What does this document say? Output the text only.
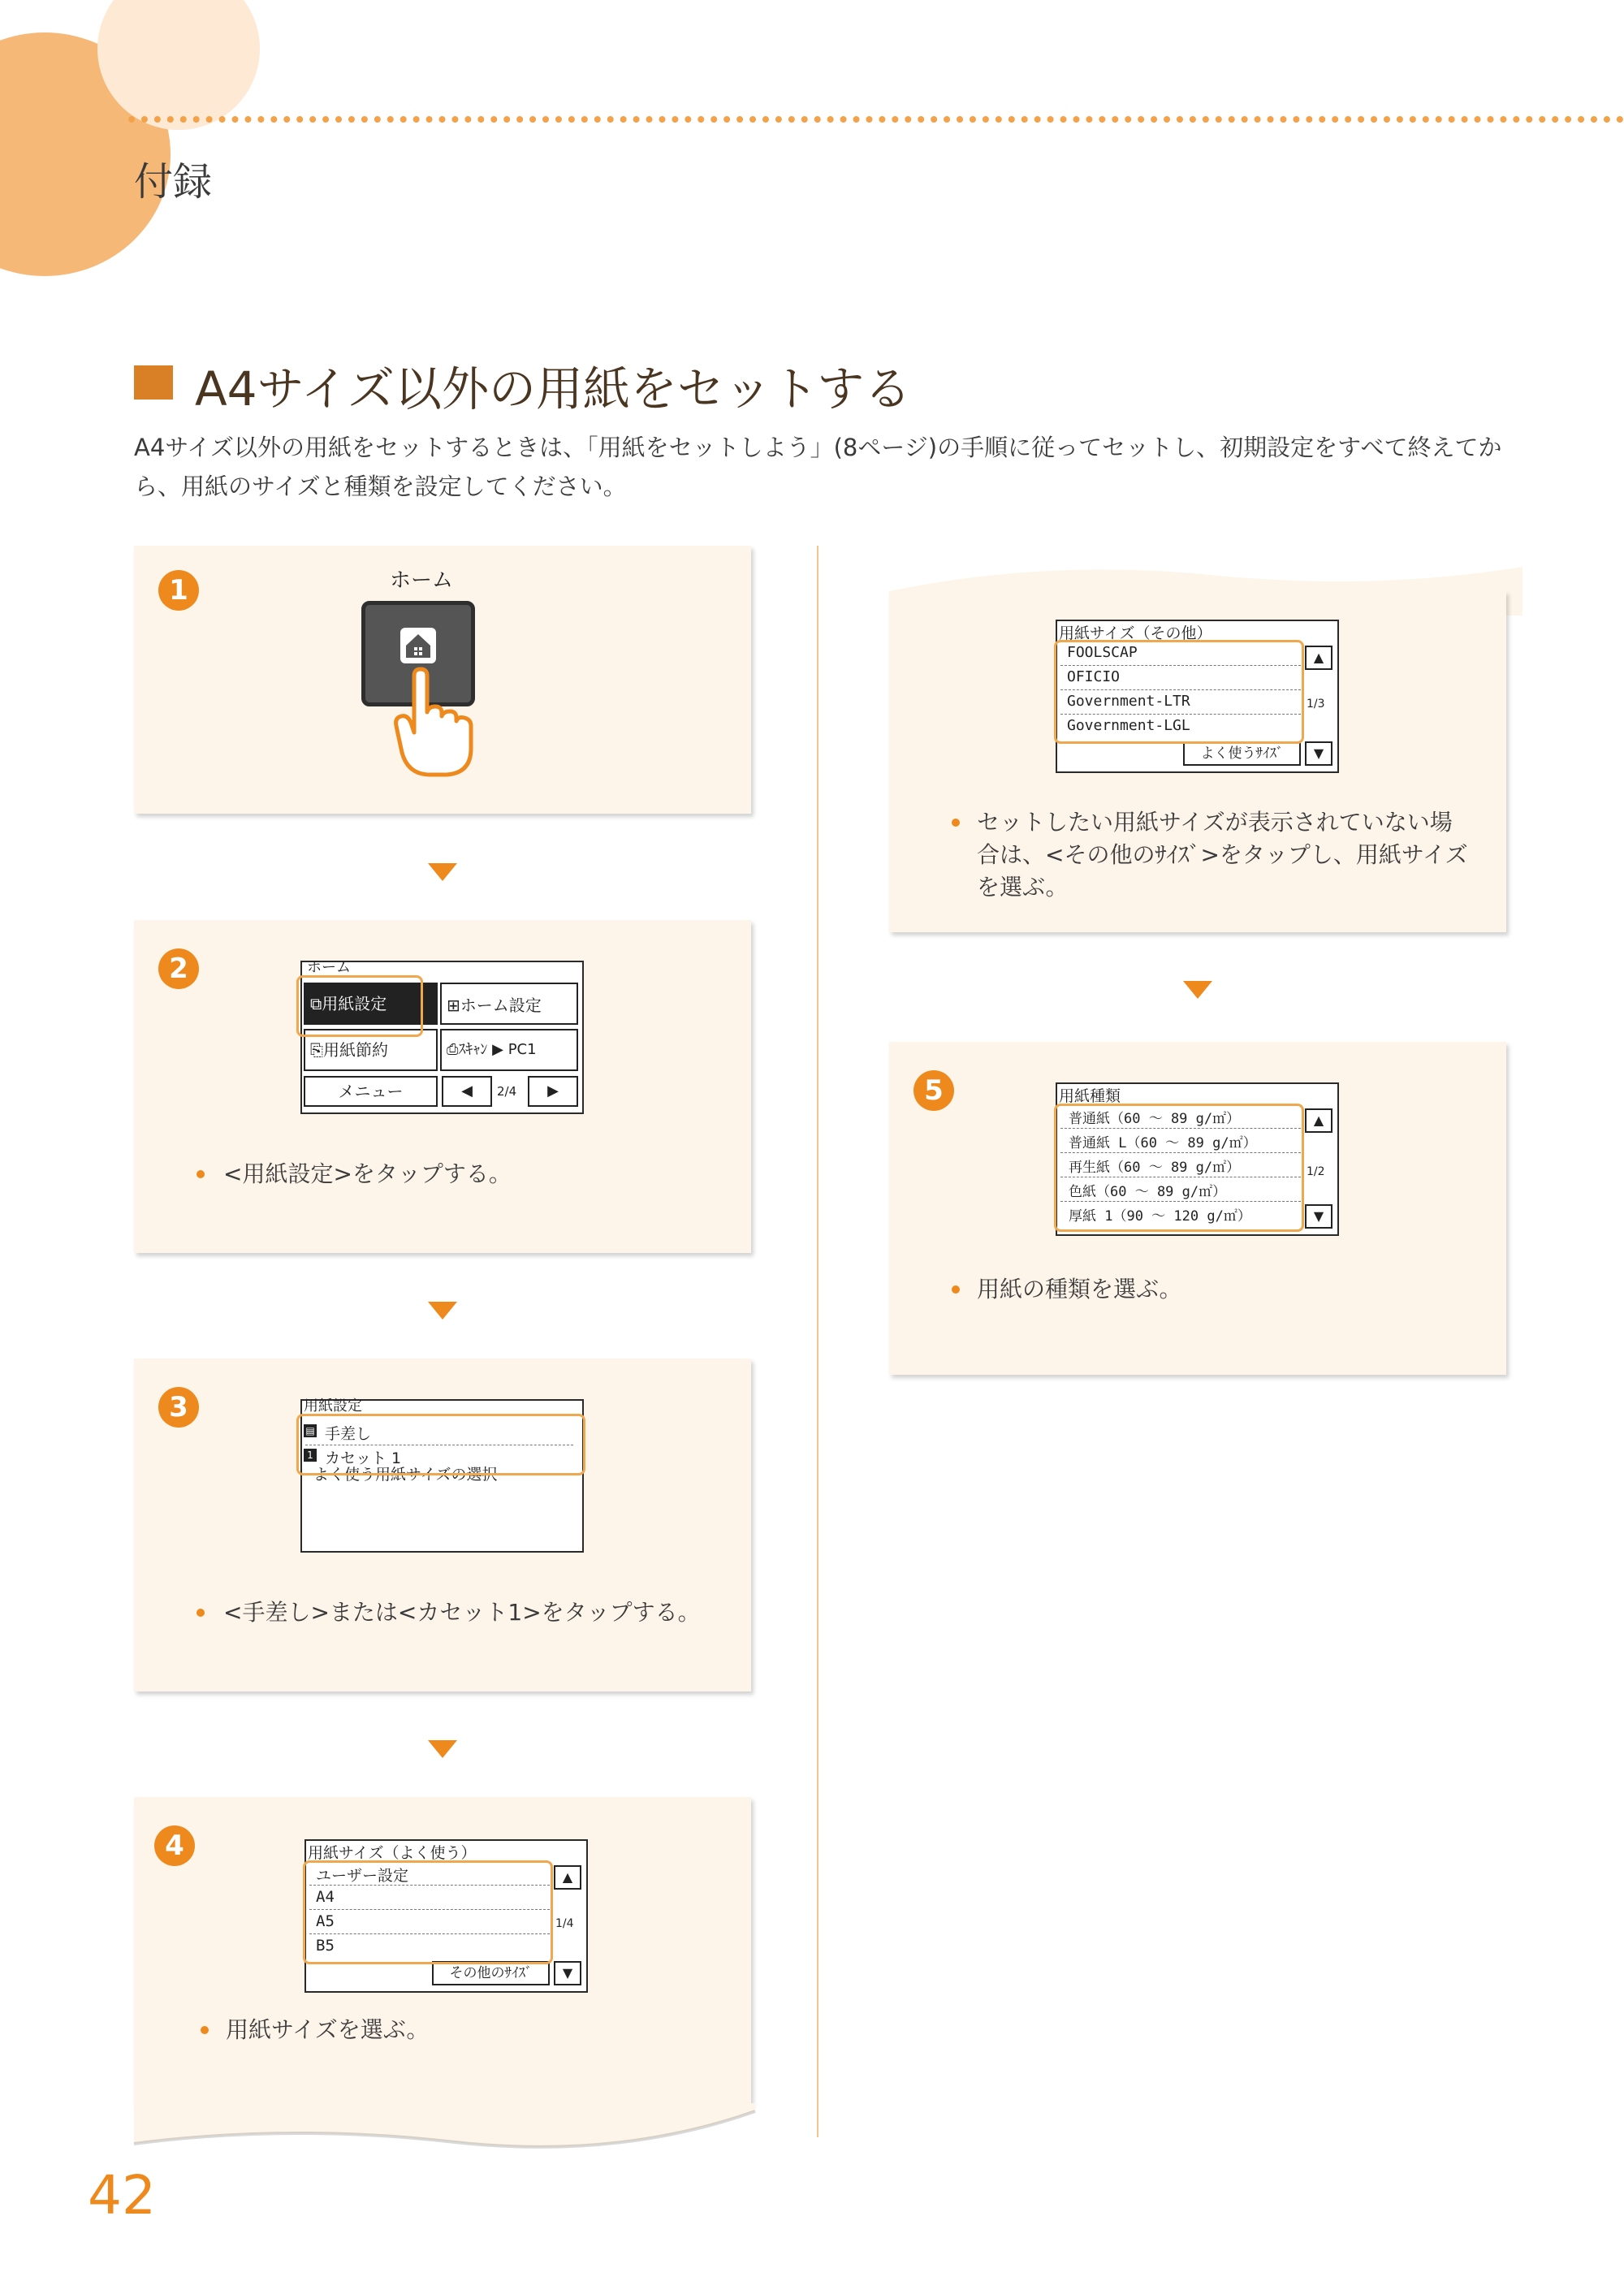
付録
A4サイズ以外の用紙をセットする
A4サイズ以外の用紙をセットするときは、「用紙をセットしよう」(8ページ)の手順に従ってセットし、初期設定をすべて終えてか
ら、用紙のサイズと種類を設定してください。
1	ホーム
2	ホーム
⧉用紙設定	⊞ホーム設定
⎘用紙節約	⎙ｽｷｬﾝ ▶ PC1
メニュー	◀	2/4	▶
<用紙設定>をタップする。
3	用紙設定
▤ 手差し
1 カセット 1
よく使う用紙サイズの選択
<手差し>または<カセット1>をタップする。
4	用紙サイズ（よく使う）
ユーザー設定
A4
A5
B5
▲
1/4
その他のｻｲｽﾞ	▼
用紙サイズを選ぶ。
用紙サイズ（その他）
FOOLSCAP
OFICIO
Government-LTR
Government-LGL
▲
1/3
よく使うｻｲｽﾞ	▼
セットしたい用紙サイズが表示されていない場
合は、<その他のｻｲｽﾞ>をタップし、用紙サイズ
を選ぶ。
5	用紙種類
普通紙（60 〜 89 g/㎡）
普通紙 L（60 〜 89 g/㎡）
再生紙（60 〜 89 g/㎡）
色紙（60 〜 89 g/㎡）
厚紙 1（90 〜 120 g/㎡）
▲
1/2
▼
用紙の種類を選ぶ。
42
